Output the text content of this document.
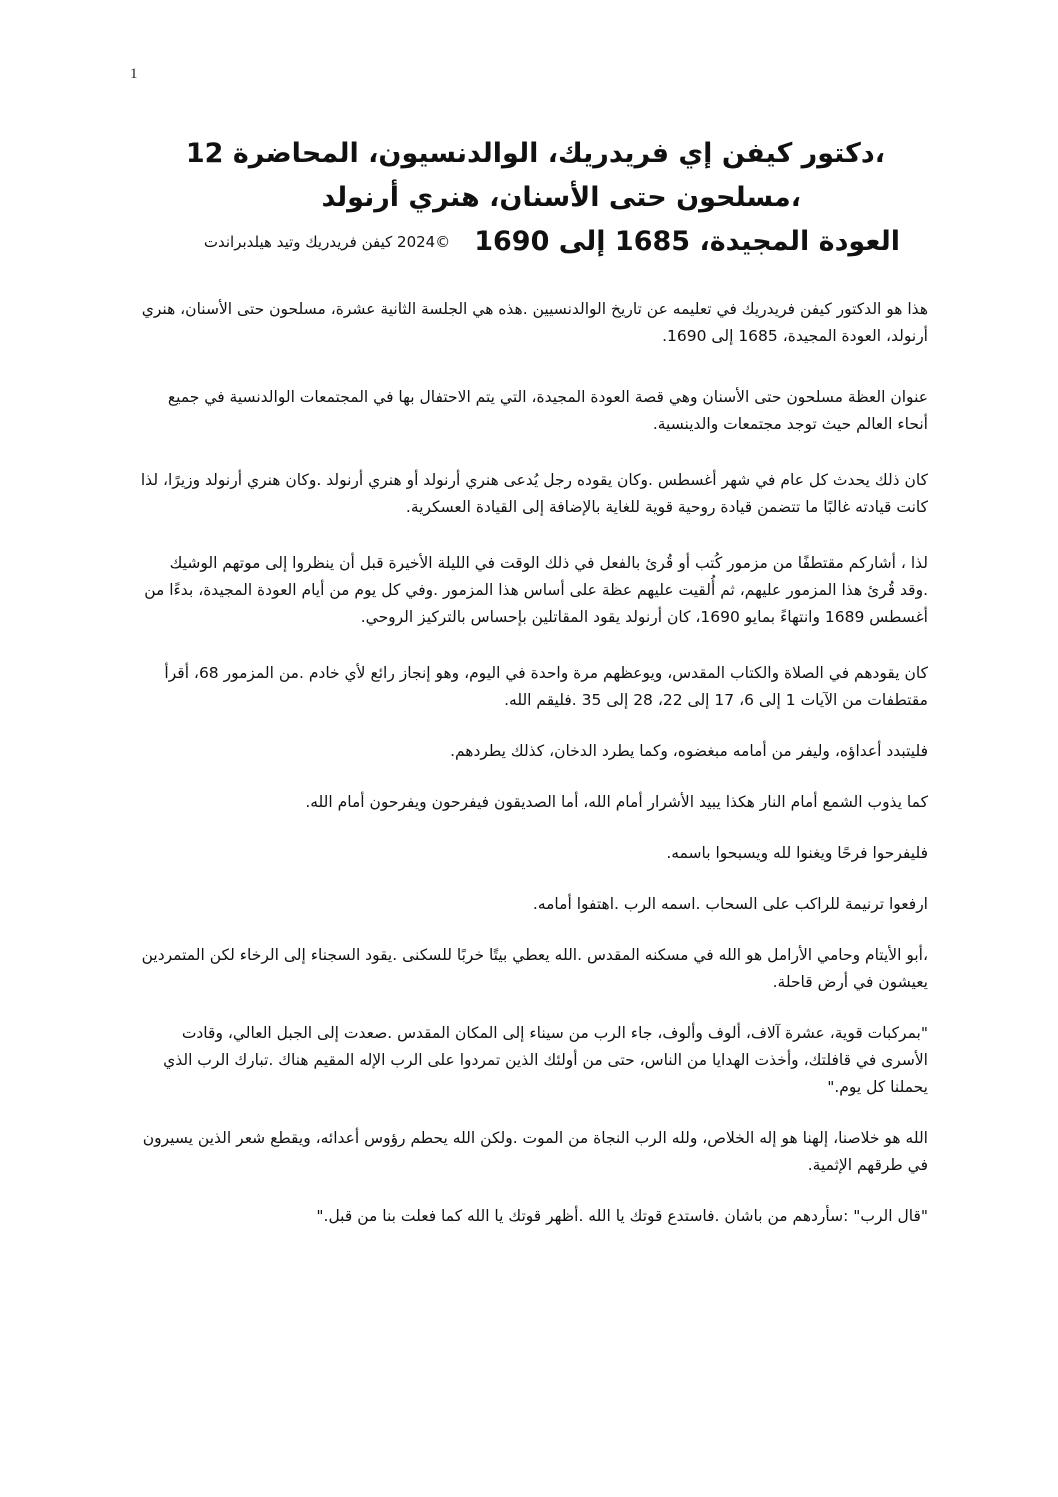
1
،دكتور كيفن إي فريدريك، الوالدنسيون، المحاضرة 12
،مسلحون حتى الأسنان، هنري أرنولد
العودة المجيدة، 1685 إلى 1690©2024 كيفن فريدريك وتيد هيلدبراندت

هذا هو الدكتور كيفن فريدريك في تعليمه عن تاريخ الوالدنسيين .هذه هي الجلسة الثانية عشرة، مسلحون حتى الأسنان، هنري أرنولد، العودة المجيدة، 1685 إلى 1690.

عنوان العظة مسلحون حتى الأسنان وهي قصة العودة المجيدة، التي يتم الاحتفال بها في المجتمعات الوالدنسية في جميع أنحاء العالم حيث توجد مجتمعات والدينسية.

كان ذلك يحدث كل عام في شهر أغسطس .وكان يقوده رجل يُدعى هنري أرنولد أو هنري أرنولد .وكان هنري أرنولد وزيرًا، لذا كانت قيادته غالبًا ما تتضمن قيادة روحية قوية للغاية بالإضافة إلى القيادة العسكرية.

لذا ، أشاركم مقتطفًا من مزمور كُتب أو قُرئ بالفعل في ذلك الوقت في الليلة الأخيرة قبل أن ينظروا إلى موتهم الوشيك .وقد قُرئ هذا المزمور عليهم، ثم أُلقيت عليهم عظة على أساس هذا المزمور .وفي كل يوم من أيام العودة المجيدة، بدءًا من أغسطس 1689 وانتهاءً بمايو 1690، كان أرنولد يقود المقاتلين بإحساس بالتركيز الروحي.

كان يقودهم في الصلاة والكتاب المقدس، ويوعظهم مرة واحدة في اليوم، وهو إنجاز رائع لأي خادم .من المزمور 68، أقرأ مقتطفات من الآيات 1 إلى 6، 17 إلى 22، 28 إلى 35 .فليقم الله.

فليتبدد أعداؤه، وليفر من أمامه مبغضوه، وكما يطرد الدخان، كذلك يطردهم.

كما يذوب الشمع أمام النار هكذا يبيد الأشرار أمام الله، أما الصديقون فيفرحون ويفرحون أمام الله.

فليفرحوا فرحًا ويغنوا لله ويسبحوا باسمه.

ارفعوا ترنيمة للراكب على السحاب .اسمه الرب .اهتفوا أمامه.

،أبو الأيتام وحامي الأرامل هو الله في مسكنه المقدس .الله يعطي بيتًا خربًا للسكنى .يقود السجناء إلى الرخاء لكن المتمردين يعيشون في أرض قاحلة.

"بمركبات قوية، عشرة آلاف، ألوف وألوف، جاء الرب من سيناء إلى المكان المقدس .صعدت إلى الجبل العالي، وقادت الأسرى في قافلتك، وأخذت الهدايا من الناس، حتى من أولئك الذين تمردوا على الرب الإله المقيم هناك .تبارك الرب الذي يحملنا كل يوم."

الله هو خلاصنا، إلهنا هو إله الخلاص، ولله الرب النجاة من الموت .ولكن الله يحطم رؤوس أعدائه، ويقطع شعر الذين يسيرون في طرقهم الإثمية.

"قال الرب" :سأردهم من باشان .فاستدع قوتك يا الله .أظهر قوتك يا الله كما فعلت بنا من قبل."
